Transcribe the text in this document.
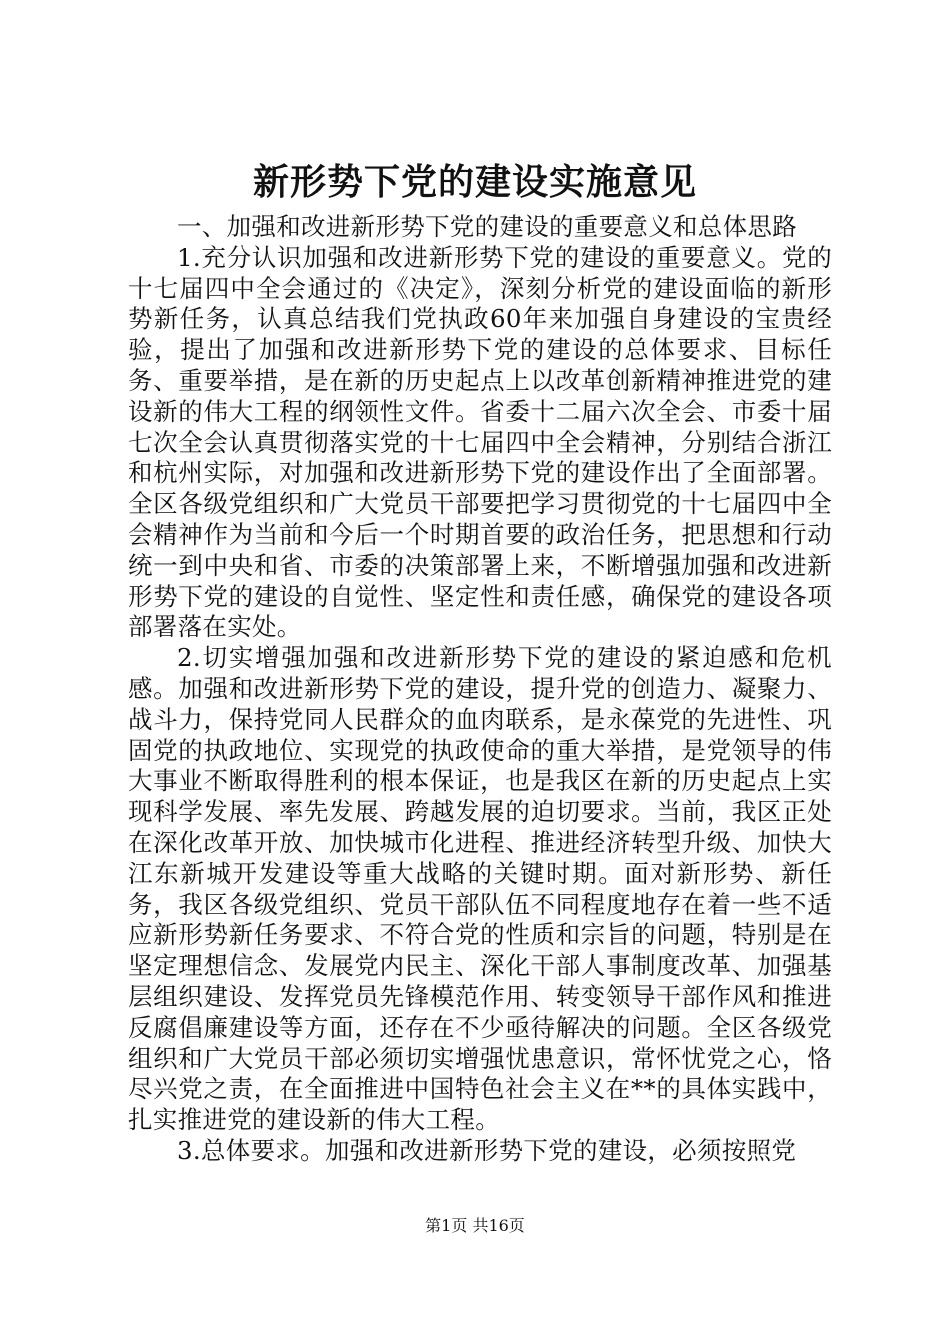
新形势下党的建设实施意见

一、加强和改进新形势下党的建设的重要意义和总体思路

1.充分认识加强和改进新形势下党的建设的重要意义。党的十七届四中全会通过的《决定》，深刻分析党的建设面临的新形势新任务，认真总结我们党执政60年来加强自身建设的宝贵经验，提出了加强和改进新形势下党的建设的总体要求、目标任务、重要举措，是在新的历史起点上以改革创新精神推进党的建设新的伟大工程的纲领性文件。省委十二届六次全会、市委十届七次全会认真贯彻落实党的十七届四中全会精神，分别结合浙江和杭州实际，对加强和改进新形势下党的建设作出了全面部署。全区各级党组织和广大党员干部要把学习贯彻党的十七届四中全会精神作为当前和今后一个时期首要的政治任务，把思想和行动统一到中央和省、市委的决策部署上来，不断增强加强和改进新形势下党的建设的自觉性、坚定性和责任感，确保党的建设各项部署落在实处。

2.切实增强加强和改进新形势下党的建设的紧迫感和危机感。加强和改进新形势下党的建设，提升党的创造力、凝聚力、战斗力，保持党同人民群众的血肉联系，是永葆党的先进性、巩固党的执政地位、实现党的执政使命的重大举措，是党领导的伟大事业不断取得胜利的根本保证，也是我区在新的历史起点上实现科学发展、率先发展、跨越发展的迫切要求。当前，我区正处在深化改革开放、加快城市化进程、推进经济转型升级、加快大江东新城开发建设等重大战略的关键时期。面对新形势、新任务，我区各级党组织、党员干部队伍不同程度地存在着一些不适应新形势新任务要求、不符合党的性质和宗旨的问题，特别是在坚定理想信念、发展党内民主、深化干部人事制度改革、加强基层组织建设、发挥党员先锋模范作用、转变领导干部作风和推进反腐倡廉建设等方面，还存在不少亟待解决的问题。全区各级党组织和广大党员干部必须切实增强忧患意识，常怀忧党之心，恪尽兴党之责，在全面推进中国特色社会主义在**的具体实践中，扎实推进党的建设新的伟大工程。

3.总体要求。加强和改进新形势下党的建设，必须按照党

第1页 共16页
